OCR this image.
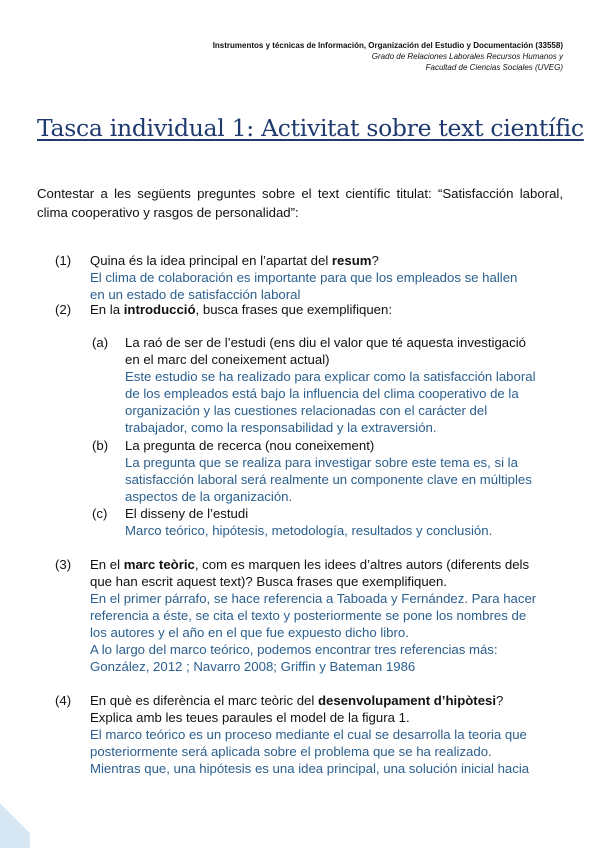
Instrumentos y técnicas de Información, Organización del Estudio y Documentación (33558)
Grado de Relaciones Laborales Recursos Humanos y
Facultad de Ciencias Sociales (UVEG)
Tasca individual 1: Activitat sobre text científic
Contestar a les següents preguntes sobre el text científic titulat: “Satisfacción laboral, clima cooperativo y rasgos de personalidad”:
(1) Quina és la idea principal en l’apartat del resum?
El clima de colaboración es importante para que los empleados se hallen
en un estado de satisfacción laboral
(2) En la introducció, busca frases que exemplifiquen:
(a) La raó de ser de l’estudi (ens diu el valor que té aquesta investigació
en el marc del coneixement actual)
Este estudio se ha realizado para explicar como la satisfacción laboral
de los empleados está bajo la influencia del clima cooperativo de la
organización y las cuestiones relacionadas con el carácter del
trabajador, como la responsabilidad y la extraversión.
(b) La pregunta de recerca (nou coneixement)
La pregunta que se realiza para investigar sobre este tema es, si la
satisfacción laboral será realmente un componente clave en múltiples
aspectos de la organización.
(c) El disseny de l’estudi
Marco teórico, hipótesis, metodología, resultados y conclusión.
(3) En el marc teòric, com es marquen les idees d’altres autors (diferents dels
que han escrit aquest text)? Busca frases que exemplifiquen.
En el primer párrafo, se hace referencia a Taboada y Fernández. Para hacer
referencia a éste, se cita el texto y posteriormente se pone los nombres de
los autores y el año en el que fue expuesto dicho libro.
A lo largo del marco teórico, podemos encontrar tres referencias más:
González, 2012 ; Navarro 2008; Griffin y Bateman 1986
(4) En què es diferència el marc teòric del desenvolupament d’hipòtesi?
Explica amb les teues paraules el model de la figura 1.
El marco teórico es un proceso mediante el cual se desarrolla la teoria que
posteriormente será aplicada sobre el problema que se ha realizado.
Mientras que, una hipótesis es una idea principal, una solución inicial hacia
